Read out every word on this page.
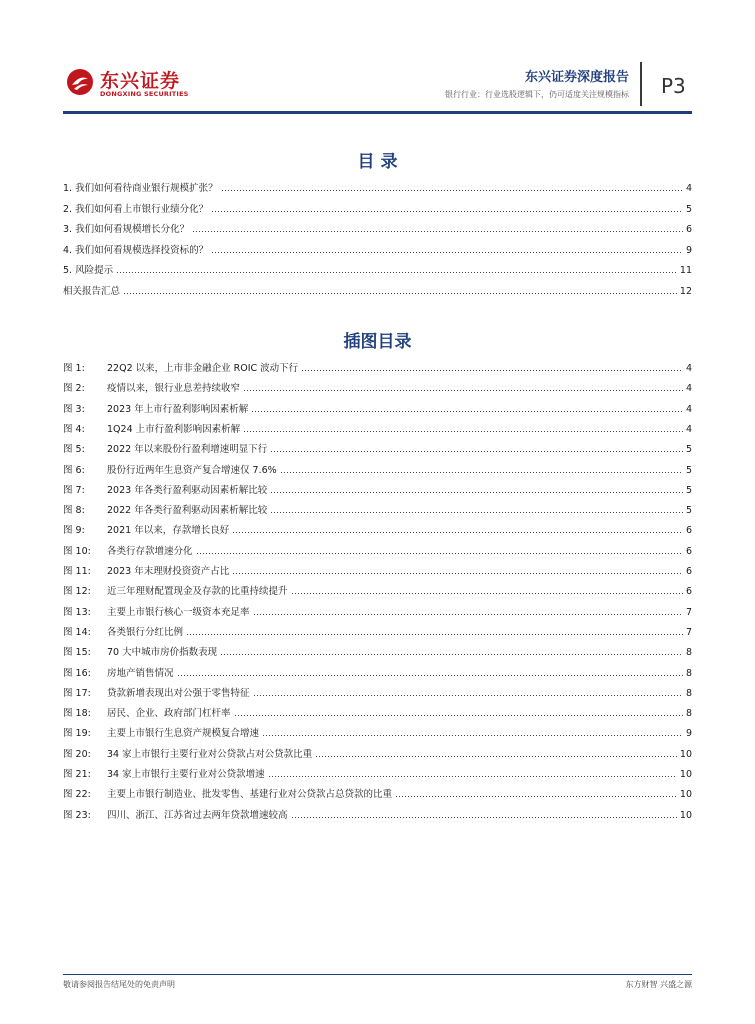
东兴证券
DONGXING SECURITIES
东兴证券深度报告
银行行业：行业选股逻辑下，仍可适度关注规模指标 P3
目 录
1. 我们如何看待商业银行规模扩张？	4
2. 我们如何看上市银行业绩分化？	5
3. 我们如何看规模增长分化？	6
4. 我们如何看规模选择投资标的？	9
5. 风险提示	11
相关报告汇总	12
插图目录
图 1: 22Q2 以来，上市非金融企业 ROIC 波动下行	4
图 2: 疫情以来，银行业息差持续收窄	4
图 3: 2023 年上市行盈利影响因素析解	4
图 4: 1Q24 上市行盈利影响因素析解	4
图 5: 2022 年以来股份行盈利增速明显下行	5
图 6: 股份行近两年生息资产复合增速仅 7.6%	5
图 7: 2023 年各类行盈利驱动因素析解比较	5
图 8: 2022 年各类行盈利驱动因素析解比较	5
图 9: 2021 年以来，存款增长良好	6
图 10: 各类行存款增速分化	6
图 11: 2023 年末理财投资资产占比	6
图 12: 近三年理财配置现金及存款的比重持续提升	6
图 13: 主要上市银行核心一级资本充足率	7
图 14: 各类银行分红比例	7
图 15: 70 大中城市房价指数表现	8
图 16: 房地产销售情况	8
图 17: 贷款新增表现出对公强于零售特征	8
图 18: 居民、企业、政府部门杠杆率	8
图 19: 主要上市银行生息资产规模复合增速	9
图 20: 34 家上市银行主要行业对公贷款占对公贷款比重	10
图 21: 34 家上市银行主要行业对公贷款增速	10
图 22: 主要上市银行制造业、批发零售、基建行业对公贷款占总贷款的比重	10
图 23: 四川、浙江、江苏省过去两年贷款增速较高	10
敬请参阅报告结尾处的免责声明	东方财智 兴盛之源
